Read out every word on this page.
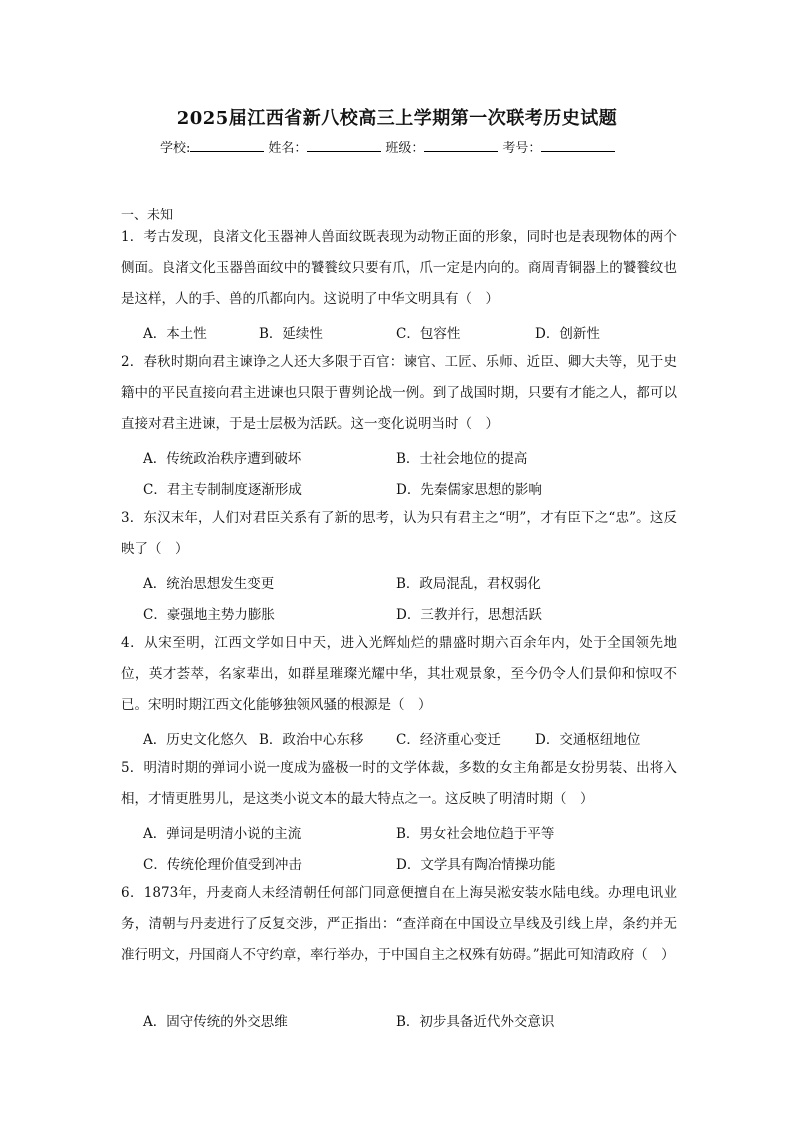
2025届江西省新八校高三上学期第一次联考历史试题
学校:	姓名：	班级：	考号：
一、未知
1．考古发现，良渚文化玉器神人兽面纹既表现为动物正面的形象，同时也是表现物体的两个侧面。良渚文化玉器兽面纹中的饕餮纹只要有爪，爪一定是内向的。商周青铜器上的饕餮纹也是这样，人的手、兽的爪都向内。这说明了中华文明具有（　）
A．本土性	B．延续性	C．包容性	D．创新性
2．春秋时期向君主谏诤之人还大多限于百官：谏官、工匠、乐师、近臣、卿大夫等，见于史籍中的平民直接向君主进谏也只限于曹刿论战一例。到了战国时期，只要有才能之人，都可以直接对君主进谏，于是士层极为活跃。这一变化说明当时（　）
A．传统政治秩序遭到破坏	B．士社会地位的提高
C．君主专制制度逐渐形成	D．先秦儒家思想的影响
3．东汉末年，人们对君臣关系有了新的思考，认为只有君主之“明”，才有臣下之“忠”。这反映了（　）
A．统治思想发生变更	B．政局混乱，君权弱化
C．豪强地主势力膨胀	D．三教并行，思想活跃
4．从宋至明，江西文学如日中天，进入光辉灿烂的鼎盛时期六百余年内，处于全国领先地位，英才荟萃，名家辈出，如群星璀璨光耀中华，其壮观景象，至今仍令人们景仰和惊叹不已。宋明时期江西文化能够独领风骚的根源是（　）
A．历史文化悠久 B．政治中心东移 C．经济重心变迁	D．交通枢纽地位
5．明清时期的弹词小说一度成为盛极一时的文学体裁，多数的女主角都是女扮男装、出将入相，才情更胜男儿，是这类小说文本的最大特点之一。这反映了明清时期（　）
A．弹词是明清小说的主流	B．男女社会地位趋于平等
C．传统伦理价值受到冲击	D．文学具有陶冶情操功能
6．1873年，丹麦商人未经清朝任何部门同意便擅自在上海吴淞安装水陆电线。办理电讯业务，清朝与丹麦进行了反复交涉，严正指出：“查洋商在中国设立旱线及引线上岸，条约并无准行明文，丹国商人不守约章，率行举办，于中国自主之权殊有妨碍。”据此可知清政府（　）
A．固守传统的外交思维	B．初步具备近代外交意识
